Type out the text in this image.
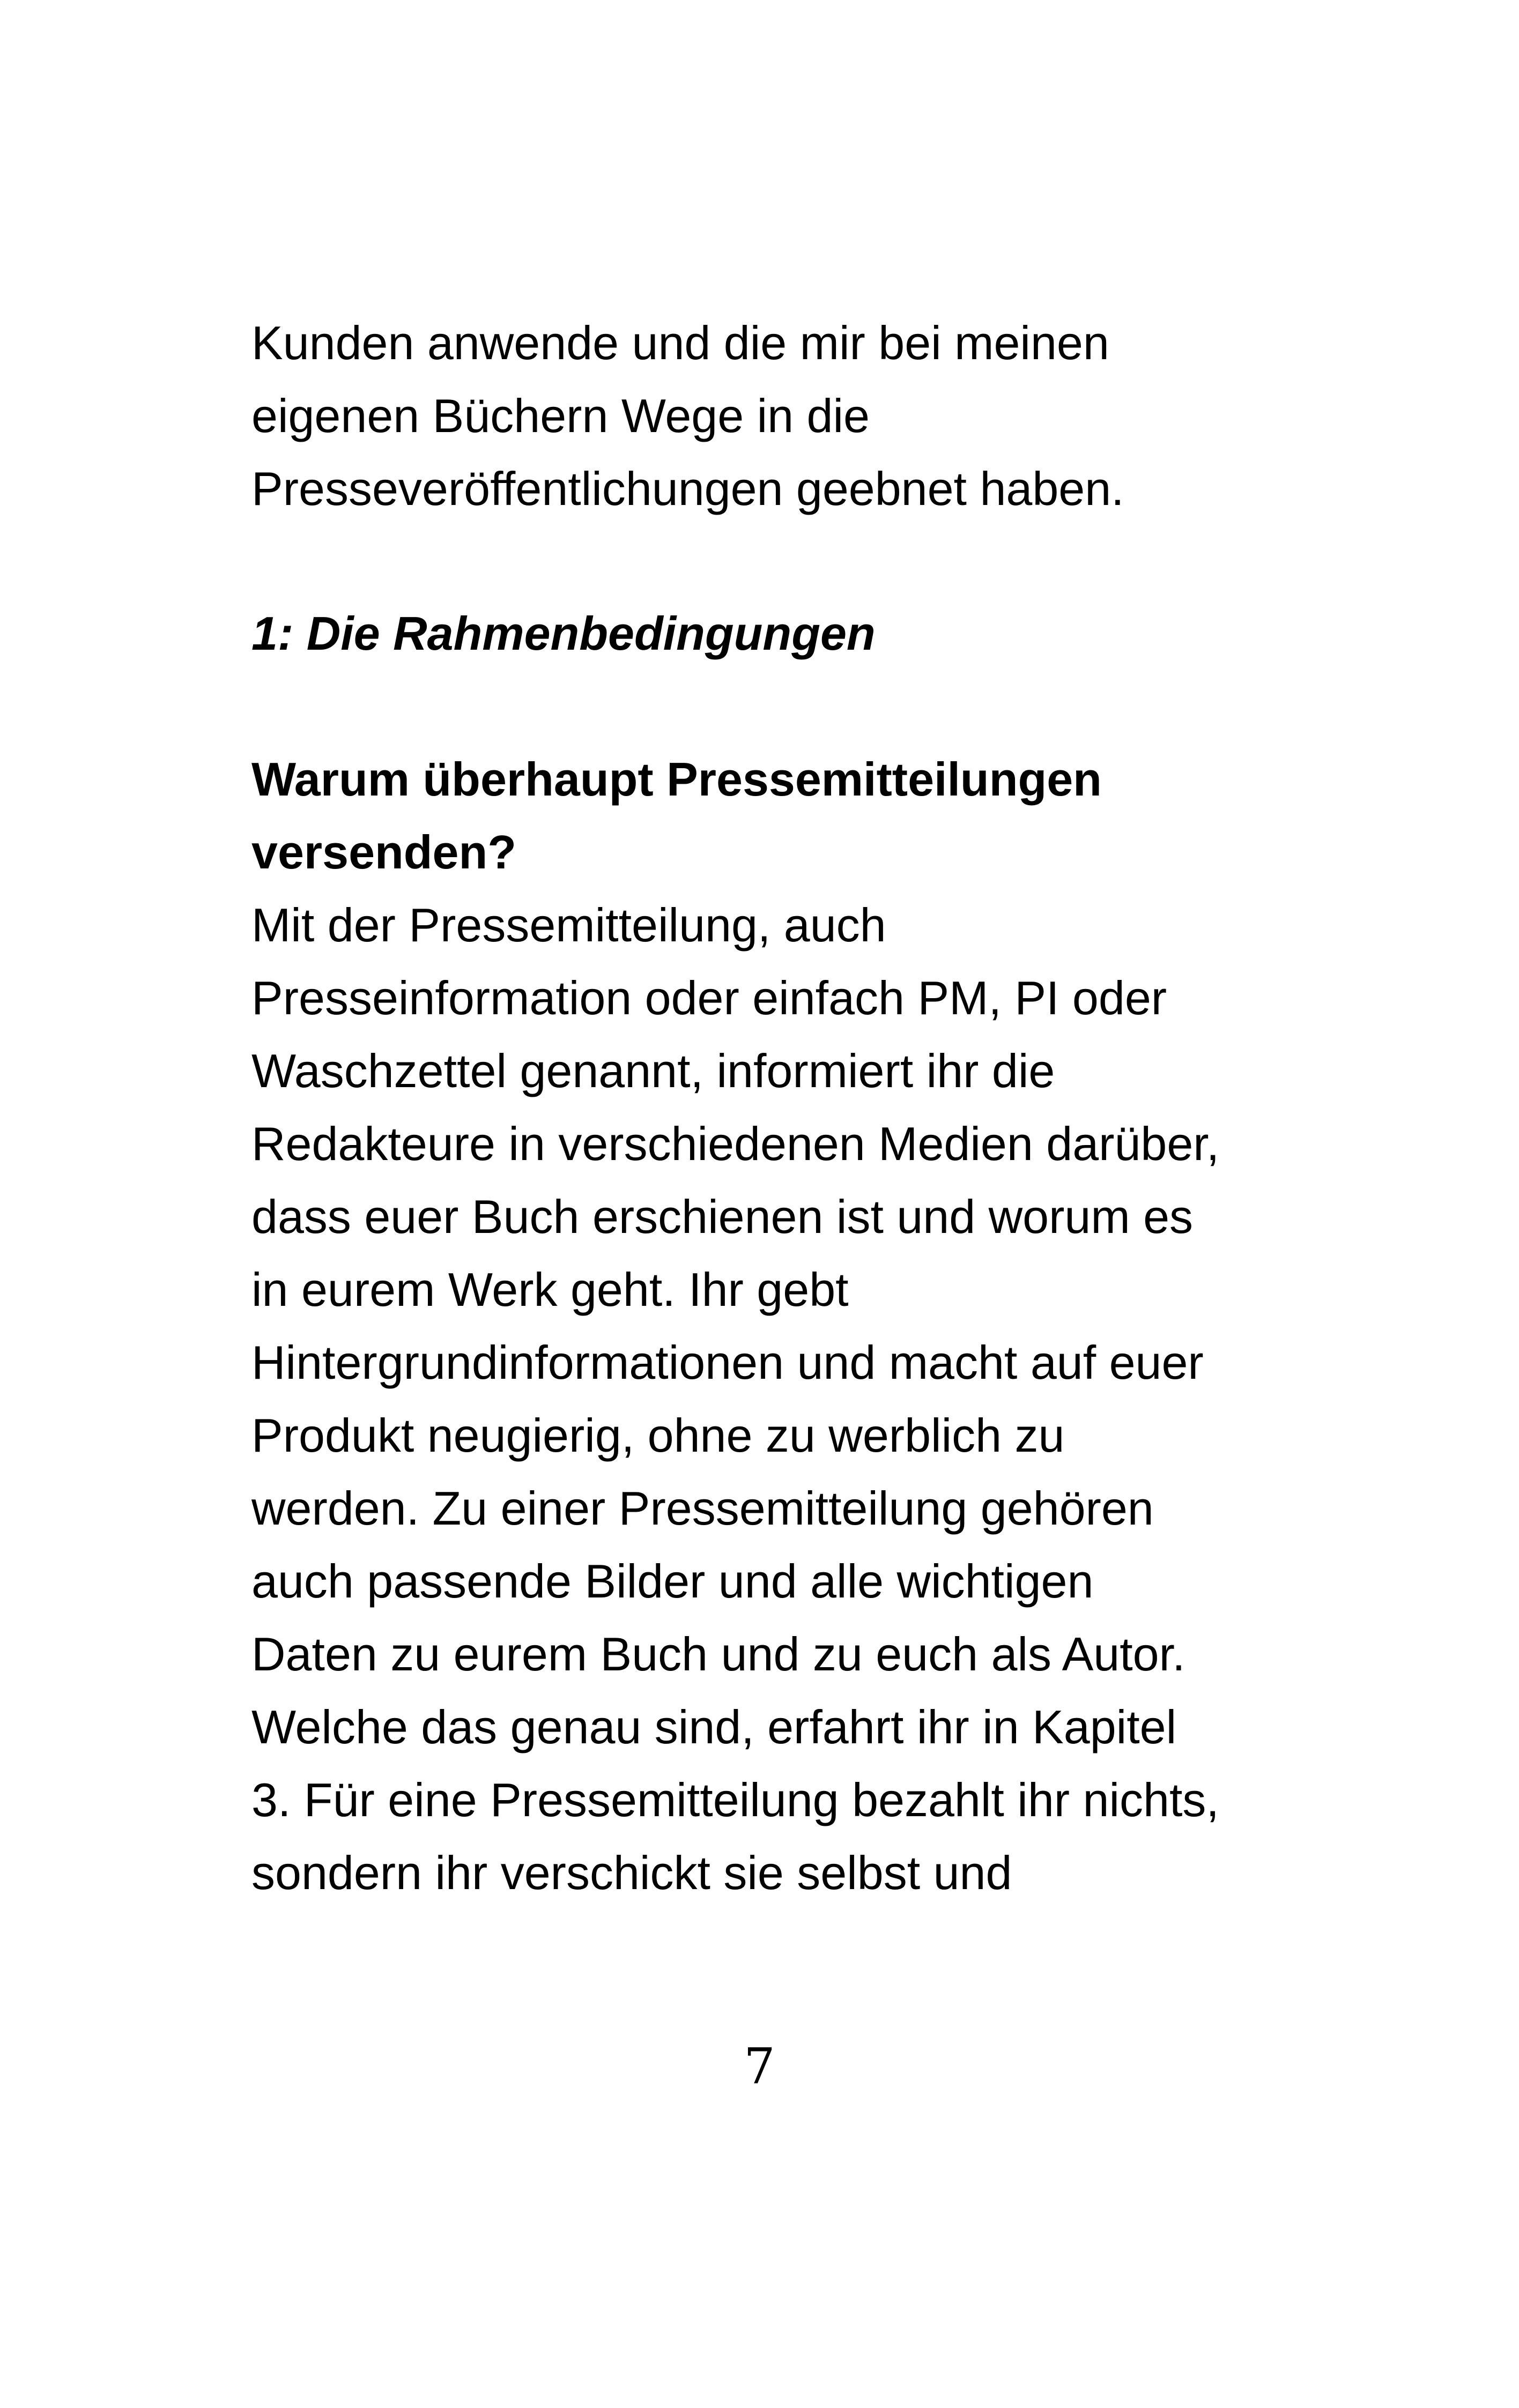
Kunden anwende und die mir bei meinen
eigenen Büchern Wege in die
Presseveröffentlichungen geebnet haben.
1: Die Rahmenbedingungen
Warum überhaupt Pressemitteilungen
versenden?
Mit der Pressemitteilung, auch
Presseinformation oder einfach PM, PI oder
Waschzettel genannt, informiert ihr die
Redakteure in verschiedenen Medien darüber,
dass euer Buch erschienen ist und worum es
in eurem Werk geht. Ihr gebt
Hintergrundinformationen und macht auf euer
Produkt neugierig, ohne zu werblich zu
werden. Zu einer Pressemitteilung gehören
auch passende Bilder und alle wichtigen
Daten zu eurem Buch und zu euch als Autor.
Welche das genau sind, erfahrt ihr in Kapitel
3. Für eine Pressemitteilung bezahlt ihr nichts,
sondern ihr verschickt sie selbst und
7
